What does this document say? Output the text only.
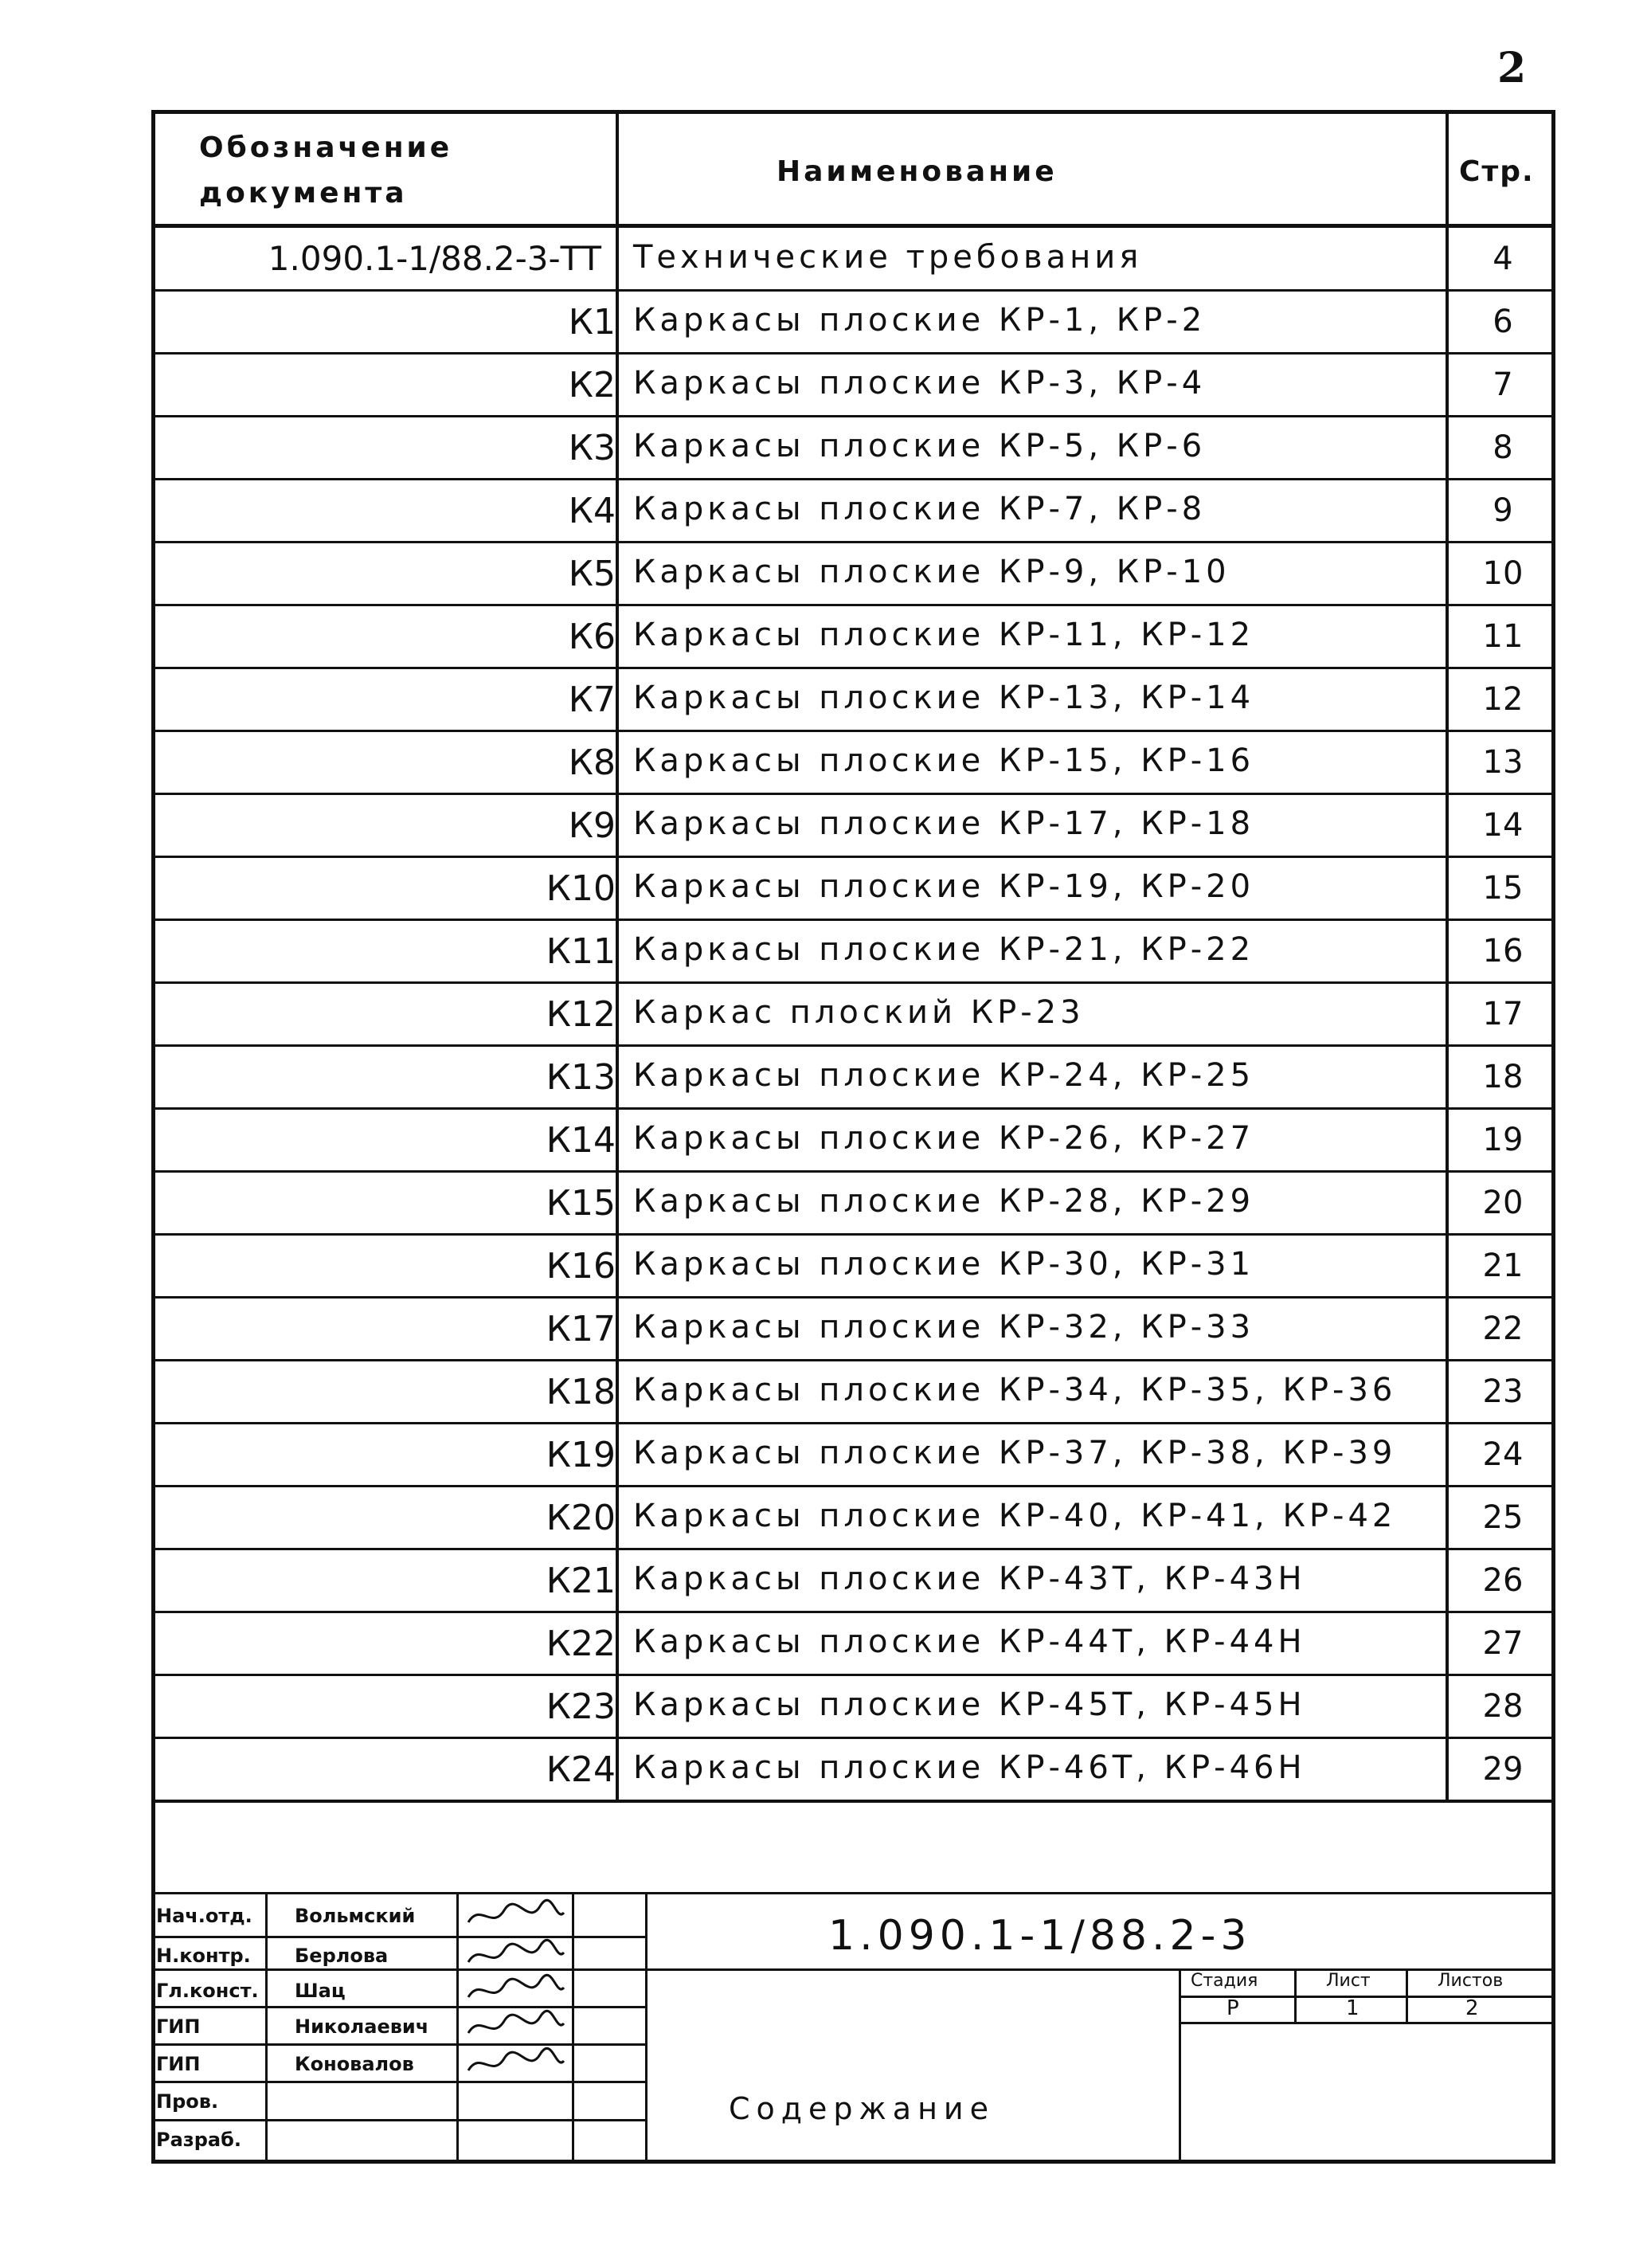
2
Обозначение
документа
Наименование	Стр.
1.090.1-1/88.2-3-ТТ Технические требования	4
К1 Каркасы плоские КР-1, КР-2	6
К2 Каркасы плоские КР-3, КР-4	7
К3 Каркасы плоские КР-5, КР-6	8
К4 Каркасы плоские КР-7, КР-8	9
К5 Каркасы плоские КР-9, КР-10	10
К6 Каркасы плоские КР-11, КР-12	11
К7 Каркасы плоские КР-13, КР-14	12
К8 Каркасы плоские КР-15, КР-16	13
К9 Каркасы плоские КР-17, КР-18	14
К10 Каркасы плоские КР-19, КР-20	15
К11 Каркасы плоские КР-21, КР-22	16
К12 Каркас плоский КР-23	17
К13 Каркасы плоские КР-24, КР-25	18
К14 Каркасы плоские КР-26, КР-27	19
К15 Каркасы плоские КР-28, КР-29	20
К16 Каркасы плоские КР-30, КР-31	21
К17 Каркасы плоские КР-32, КР-33	22
К18 Каркасы плоские КР-34, КР-35, КР-36	23
К19 Каркасы плоские КР-37, КР-38, КР-39	24
К20 Каркасы плоские КР-40, КР-41, КР-42	25
К21 Каркасы плоские КР-43Т, КР-43Н	26
К22 Каркасы плоские КР-44Т, КР-44Н	27
К23 Каркасы плоские КР-45Т, КР-45Н	28
К24 Каркасы плоские КР-46Т, КР-46Н	29
Нач.отд. Вольмский
Н.контр. Берлова
Гл.конст. Шац
ГИП	Николаевич
ГИП	Коновалов
Пров.
Разраб.
1.090.1-1/88.2-3
Содержание
Стадия	Лист	Листов
Р	1	2
